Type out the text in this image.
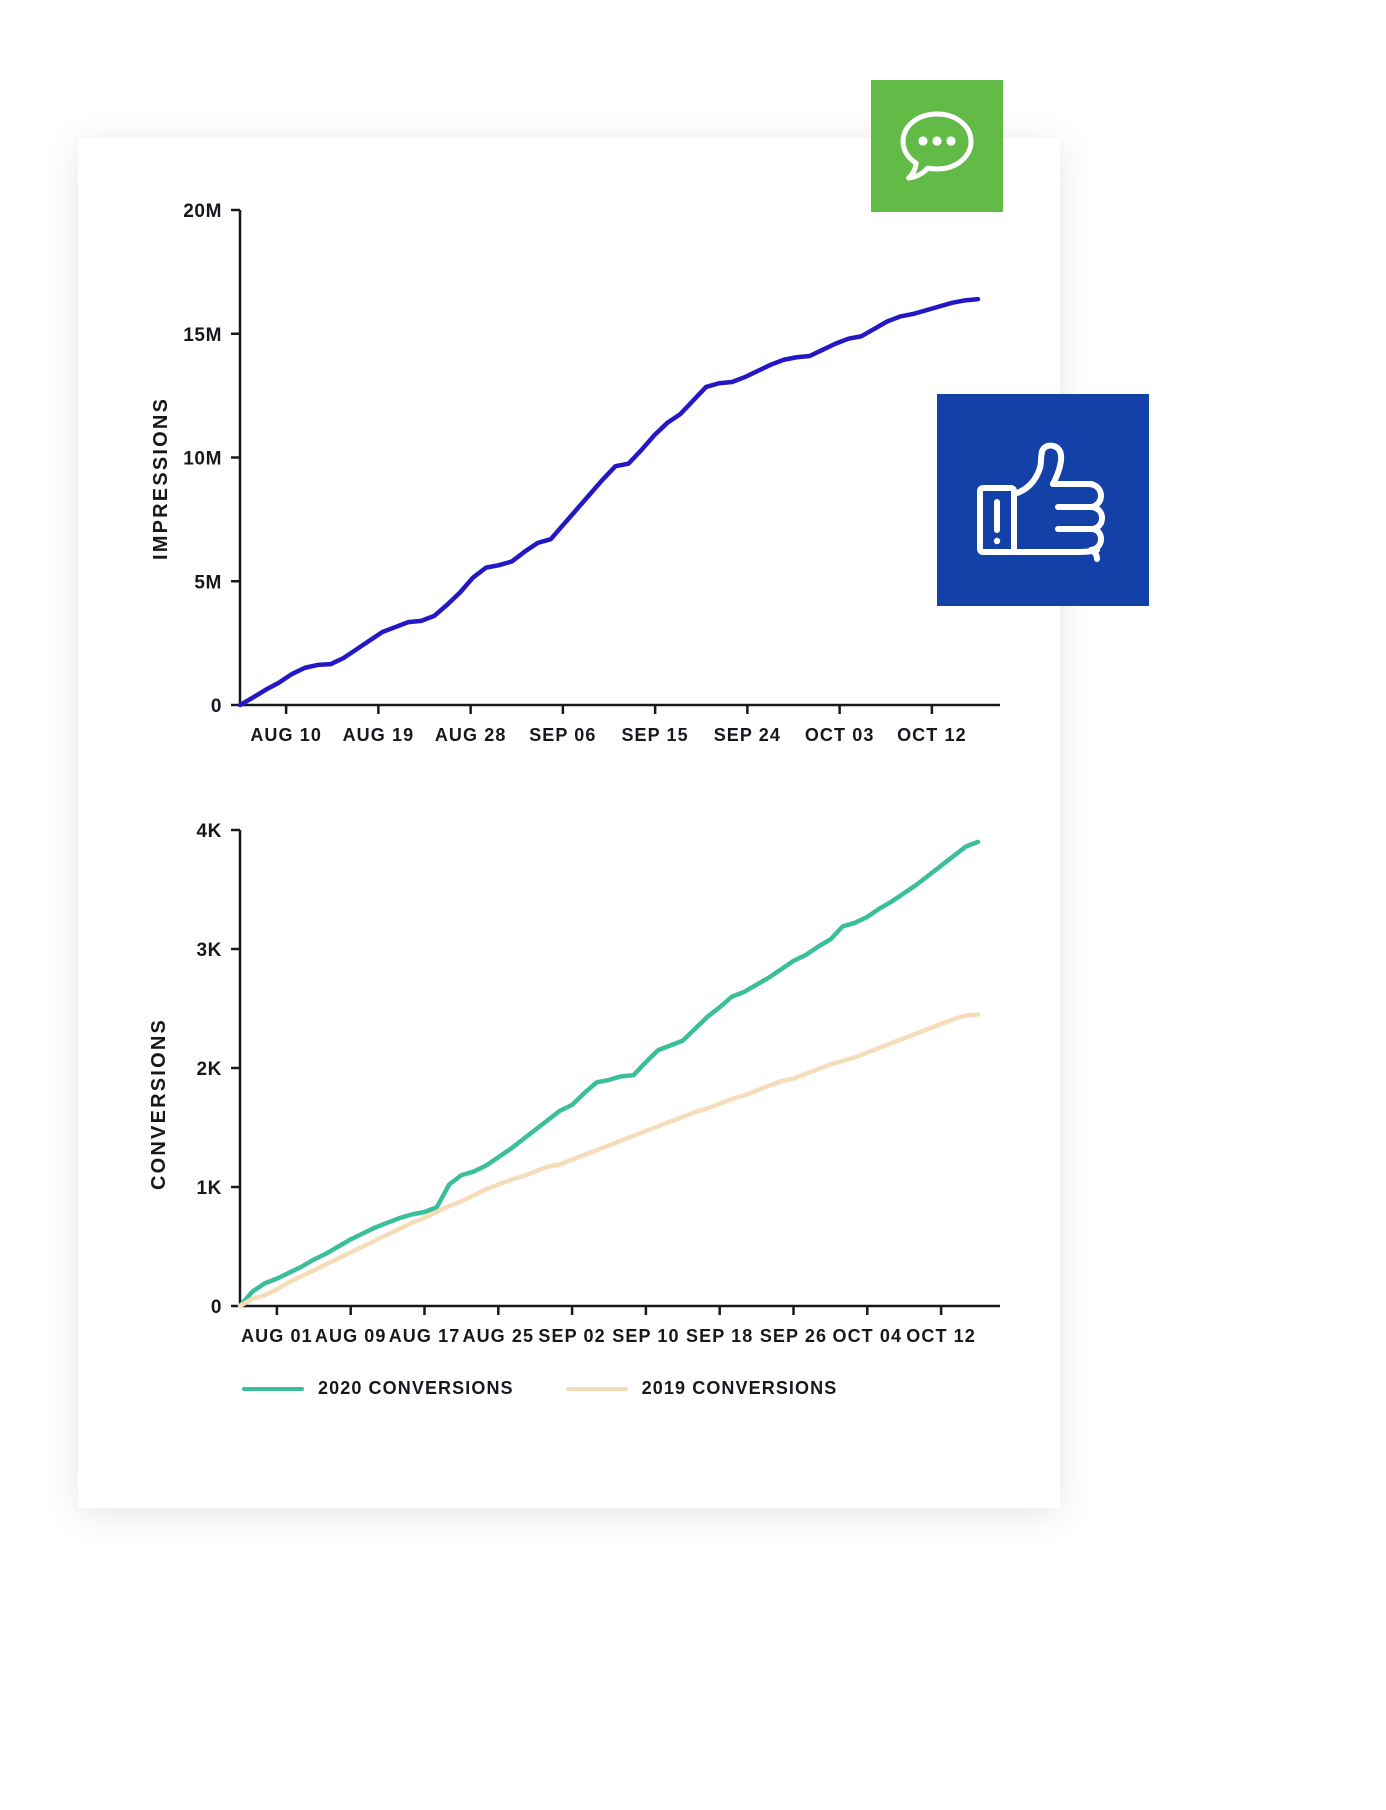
IMPRESSIONS
0
5M
10M
15M
20M
AUG 10 AUG 19 AUG 28 SEP 06 SEP 15 SEP 24 OCT 03 OCT 12
CONVERSIONS
0
1K
2K
3K
4K
AUG 01 AUG 09 AUG 17 AUG 25 SEP 02 SEP 10 SEP 18 SEP 26 OCT 04 OCT 12
2020 CONVERSIONS	2019 CONVERSIONS
